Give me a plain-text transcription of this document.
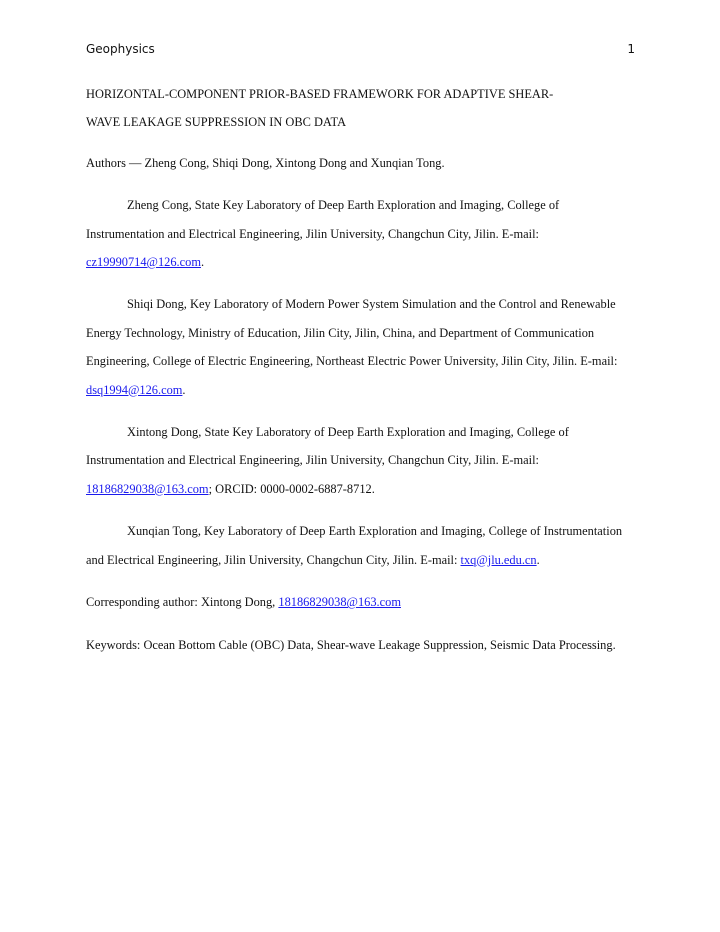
Geophysics	1
HORIZONTAL-COMPONENT PRIOR-BASED FRAMEWORK FOR ADAPTIVE SHEAR-
WAVE LEAKAGE SUPPRESSION IN OBC DATA

Authors — Zheng Cong, Shiqi Dong, Xintong Dong and Xunqian Tong.

Zheng Cong, State Key Laboratory of Deep Earth Exploration and Imaging, College of Instrumentation and Electrical Engineering, Jilin University, Changchun City, Jilin. E-mail: cz19990714@126.com.

Shiqi Dong, Key Laboratory of Modern Power System Simulation and the Control and Renewable Energy Technology, Ministry of Education, Jilin City, Jilin, China, and Department of Communication Engineering, College of Electric Engineering, Northeast Electric Power University, Jilin City, Jilin. E-mail: dsq1994@126.com.

Xintong Dong, State Key Laboratory of Deep Earth Exploration and Imaging, College of Instrumentation and Electrical Engineering, Jilin University, Changchun City, Jilin. E-mail: 18186829038@163.com; ORCID: 0000-0002-6887-8712.

Xunqian Tong, Key Laboratory of Deep Earth Exploration and Imaging, College of Instrumentation and Electrical Engineering, Jilin University, Changchun City, Jilin. E-mail: txq@jlu.edu.cn.

Corresponding author: Xintong Dong, 18186829038@163.com

Keywords: Ocean Bottom Cable (OBC) Data, Shear-wave Leakage Suppression, Seismic Data Processing.
